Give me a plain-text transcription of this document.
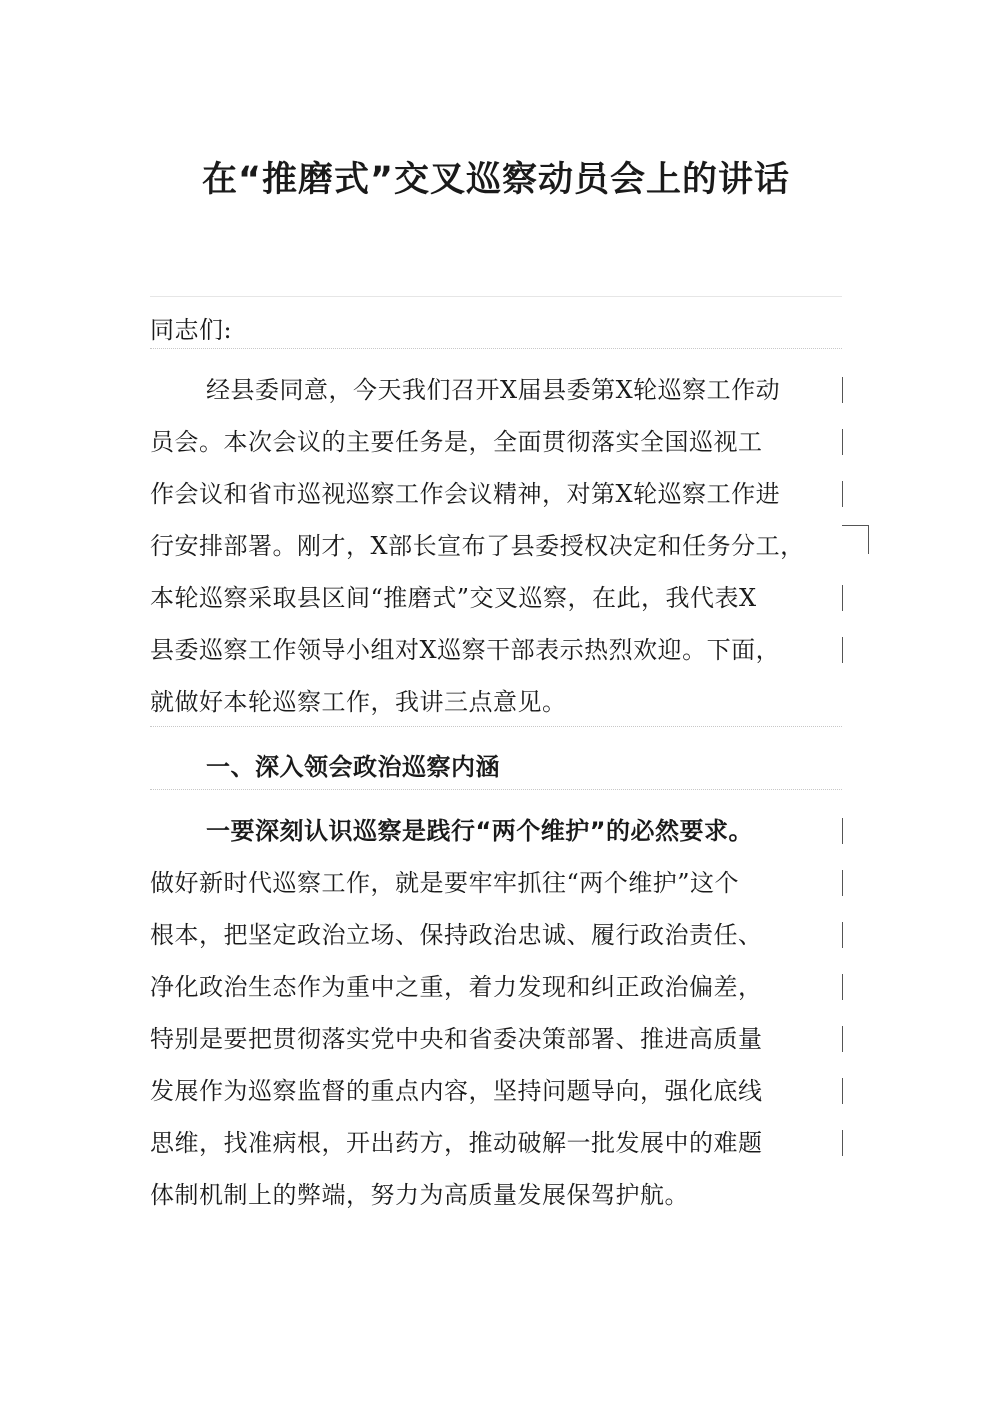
在“推磨式”交叉巡察动员会上的讲话
同志们:
经县委同意，今天我们召开X届县委第X轮巡察工作动
员会。本次会议的主要任务是，全面贯彻落实全国巡视工
作会议和省市巡视巡察工作会议精神，对第X轮巡察工作进
行安排部署。刚才，X部长宣布了县委授权决定和任务分工，
本轮巡察采取县区间“推磨式”交叉巡察，在此，我代表X
县委巡察工作领导小组对X巡察干部表示热烈欢迎。下面，
就做好本轮巡察工作，我讲三点意见。
一、深入领会政治巡察内涵
一要深刻认识巡察是践行“两个维护”的必然要求。
做好新时代巡察工作，就是要牢牢抓往“两个维护”这个
根本，把坚定政治立场、保持政治忠诚、履行政治责任、
净化政治生态作为重中之重，着力发现和纠正政治偏差，
特别是要把贯彻落实党中央和省委决策部署、推进高质量
发展作为巡察监督的重点内容，坚持问题导向，强化底线
思维，找准病根，开出药方，推动破解一批发展中的难题
体制机制上的弊端，努力为高质量发展保驾护航。
